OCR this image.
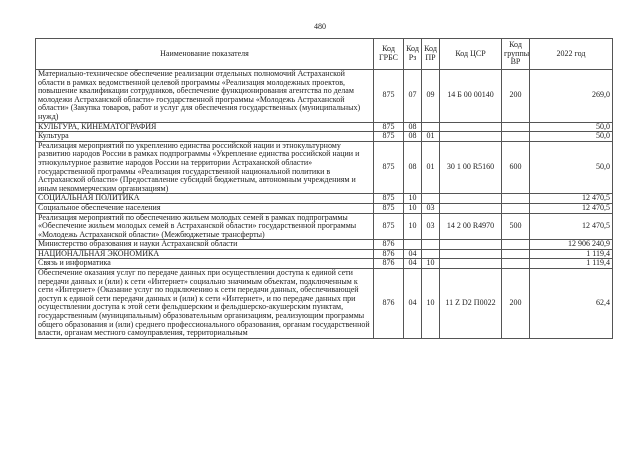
480
Наименование показателя	Код ГРБС	Код Рз	Код ПР	Код ЦСР	Код группы ВР	2022 год
Материально-техническое обеспечение реализации отдельных полномочий Астраханской области в рамках ведомственной целевой программы «Реализация молодежных проектов, повышение квалификации сотрудников, обеспечение функционирования агентства по делам молодежи Астраханской области» государственной программы «Молодежь Астраханской области» (Закупка товаров, работ и услуг для обеспечения государственных (муниципальных) нужд)	875	07	09	14 Б 00 00140	200	269,0
КУЛЬТУРА, КИНЕМАТОГРАФИЯ	875	08				50,0
Культура	875	08	01			50,0
Реализация мероприятий по укреплению единства российской нации и этнокультурному развитию народов России в рамках подпрограммы «Укрепление единства российской нации и этнокультурное развитие народов России на территории Астраханской области» государственной программы «Реализация государственной национальной политики в Астраханской области» (Предоставление субсидий бюджетным, автономным учреждениям и иным некоммерческим организациям)	875	08	01	30 1 00 R5160	600	50,0
СОЦИАЛЬНАЯ ПОЛИТИКА	875	10				12 470,5
Социальное обеспечение населения	875	10	03			12 470,5
Реализация мероприятий по обеспечению жильем молодых семей в рамках подпрограммы «Обеспечение жильем молодых семей в Астраханской области» государственной программы «Молодежь Астраханской области» (Межбюджетные трансферты)	875	10	03	14 2 00 R4970	500	12 470,5
Министерство образования и науки Астраханской области	876					12 906 240,9
НАЦИОНАЛЬНАЯ ЭКОНОМИКА	876	04				1 119,4
Связь и информатика	876	04	10			1 119,4
Обеспечение оказания услуг по передаче данных при осуществлении доступа к единой сети передачи данных и (или) к сети «Интернет» социально значимым объектам, подключенным к сети «Интернет» (Оказание услуг по подключению к сети передачи данных, обеспечивающей доступ к единой сети передачи данных и (или) к сети «Интернет», и по передаче данных при осуществлении доступа к этой сети фельдшерским и фельдшерско-акушерским пунктам, государственным (муниципальным) образовательным организациям, реализующим программы общего образования и (или) среднего профессионального образования, органам государственной власти, органам местного самоуправления, территориальным	876	04	10	11 Z D2 П0022	200	62,4
